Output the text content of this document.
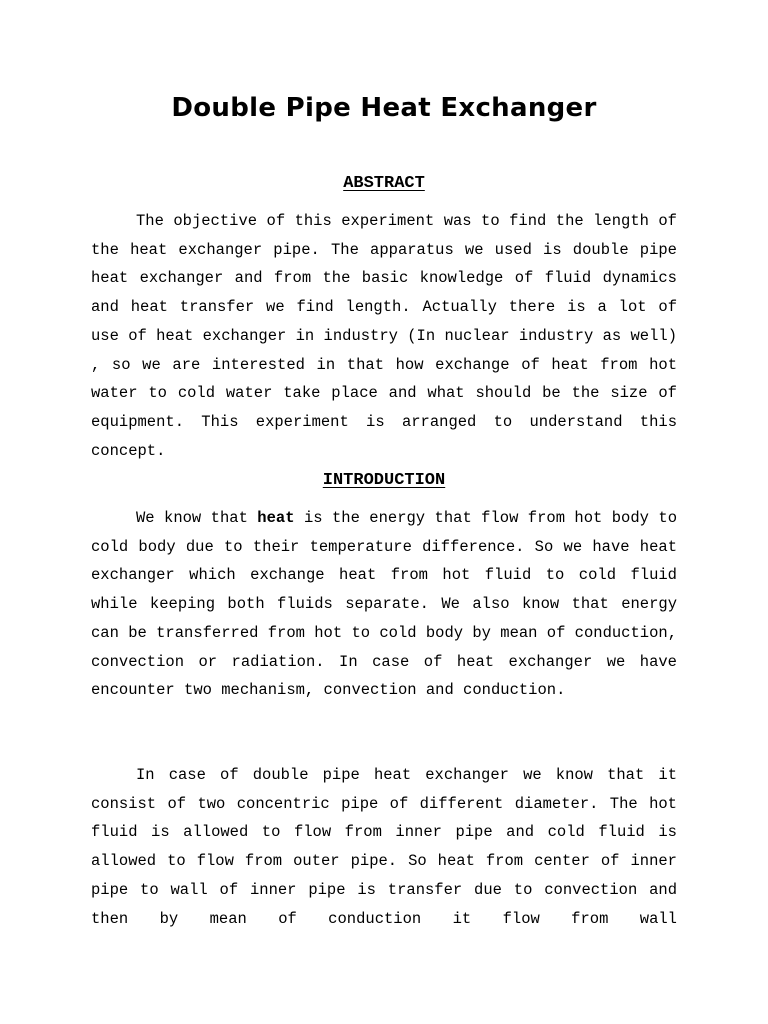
Double Pipe Heat Exchanger
ABSTRACT

The objective of this experiment was to find the length of the heat exchanger pipe. The apparatus we used is double pipe heat exchanger and from the basic knowledge of fluid dynamics and heat transfer we find length. Actually there is a lot of use of heat exchanger in industry (In nuclear industry as well) , so we are interested in that how exchange of heat from hot water to cold water take place and what should be the size of equipment. This experiment is arranged to understand this concept.

INTRODUCTION

We know that heat is the energy that flow from hot body to cold body due to their temperature difference. So we have heat exchanger which exchange heat from hot fluid to cold fluid while keeping both fluids separate. We also know that energy can be transferred from hot to cold body by mean of conduction, convection or radiation. In case of heat exchanger we have encounter two mechanism, convection and conduction.

In case of double pipe heat exchanger we know that it consist of two concentric pipe of different diameter. The hot fluid is allowed to flow from inner pipe and cold fluid is allowed to flow from outer pipe. So heat from center of inner pipe to wall of inner pipe is transfer due to convection and then by mean of conduction it flow from wall
